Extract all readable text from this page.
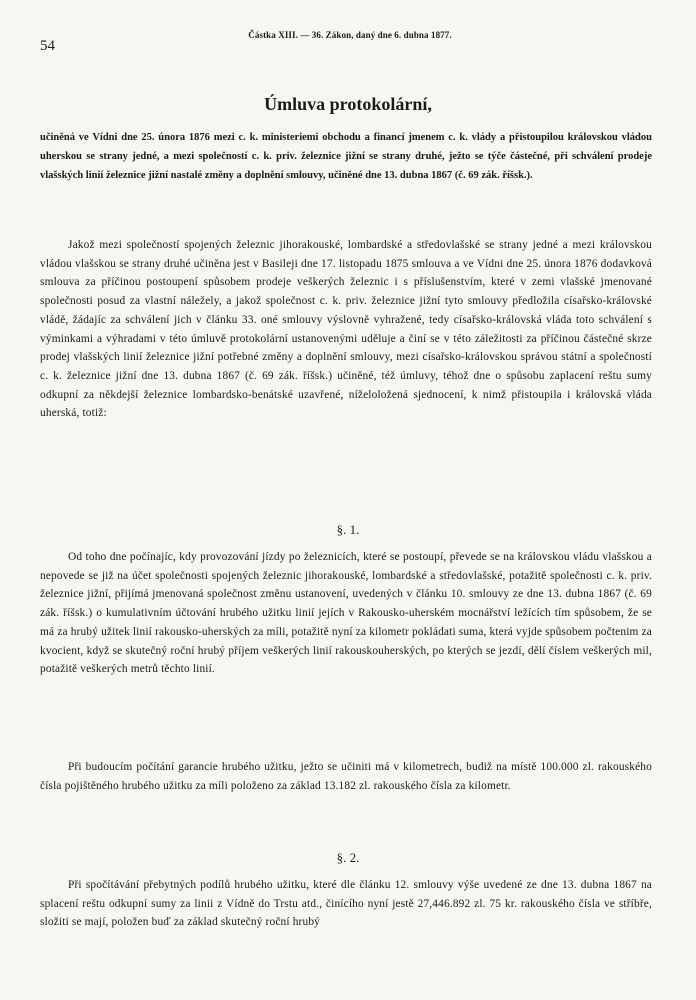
54
Částka XIII. — 36. Zákon, daný dne 6. dubna 1877.
Úmluva protokolární,
učiněná ve Vídni dne 25. února 1876 mezi c. k. ministeriemi obchodu a financí jmenem c. k. vlády a přistoupilou královskou vládou uherskou se strany jedné, a mezi společností c. k. priv. železnice jižní se strany druhé, ježto se týče částečné, při schválení prodeje vlašských linií železnice jižní nastalé změny a doplnění smlouvy, učiněné dne 13. dubna 1867 (č. 69 zák. říšsk.).
Jakož mezi společností spojených železnic jihorakouské, lombardské a středovlašské se strany jedné a mezi královskou vládou vlašskou se strany druhé učiněna jest v Basileji dne 17. listopadu 1875 smlouva a ve Vídni dne 25. února 1876 dodavková smlouva za příčinou postoupení spůsobem prodeje veškerých železnic i s příslušenstvím, které v zemi vlašské jmenované společnosti posud za vlastní náležely, a jakož společnost c. k. priv. železnice jižní tyto smlouvy předložila císařsko-královské vládě, žádajíc za schválení jich v článku 33. oné smlouvy výslovně vyhražené, tedy císařsko-královská vláda toto schválení s výminkami a výhradami v této úmluvě protokolární ustanovenými uděluje a činí se v této záležitosti za příčinou částečné skrze prodej vlašských linií železnice jižní potřebné změny a doplnění smlouvy, mezi císařsko-královskou správou státní a společností c. k. železnice jižní dne 13. dubna 1867 (č. 69 zák. říšsk.) učiněné, též úmluvy, téhož dne o spůsobu zaplacení reštu sumy odkupní za někdejší železnice lombardsko-benátské uzavřené, níželoložená sjednocení, k nimž přistoupila i královská vláda uherská, totiž:
§. 1.
Od toho dne počínajíc, kdy provozování jízdy po železnicích, které se postoupí, převede se na královskou vládu vlašskou a nepovede se již na účet společnosti spojených železnic jihorakouské, lombardské a středovlašské, potažitě společnosti c. k. priv. železnice jižní, přijímá jmenovaná společnost změnu ustanovení, uvedených v článku 10. smlouvy ze dne 13. dubna 1867 (č. 69 zák. říšsk.) o kumulativním účtování hrubého užitku linií jejích v Rakousko-uherském mocnářství ležících tím spůsobem, že se má za hrubý užitek linií rakousko-uherských za míli, potažitě nyní za kilometr pokládati suma, která vyjde spůsobem počtenim za kvocient, když se skutečný roční hrubý příjem veškerých linií rakouskouherských, po kterých se jezdí, dělí číslem veškerých mil, potažitě veškerých metrů těchto linií.
Při budoucím počítání garancie hrubého užitku, ježto se učiniti má v kilometrech, budiž na místě 100.000 zl. rakouského čísla pojištěného hrubého užitku za míli položeno za základ 13.182 zl. rakouského čísla za kilometr.
§. 2.
Při spočítávání přebytných podílů hrubého užitku, které dle článku 12. smlouvy výše uvedené ze dne 13. dubna 1867 na splacení reštu odkupní sumy za linii z Vídně do Trstu atd., činícího nyní jestě 27,446.892 zl. 75 kr. rakouského čísla ve stříbře, složiti se mají, položen buď za základ skutečný roční hrubý
